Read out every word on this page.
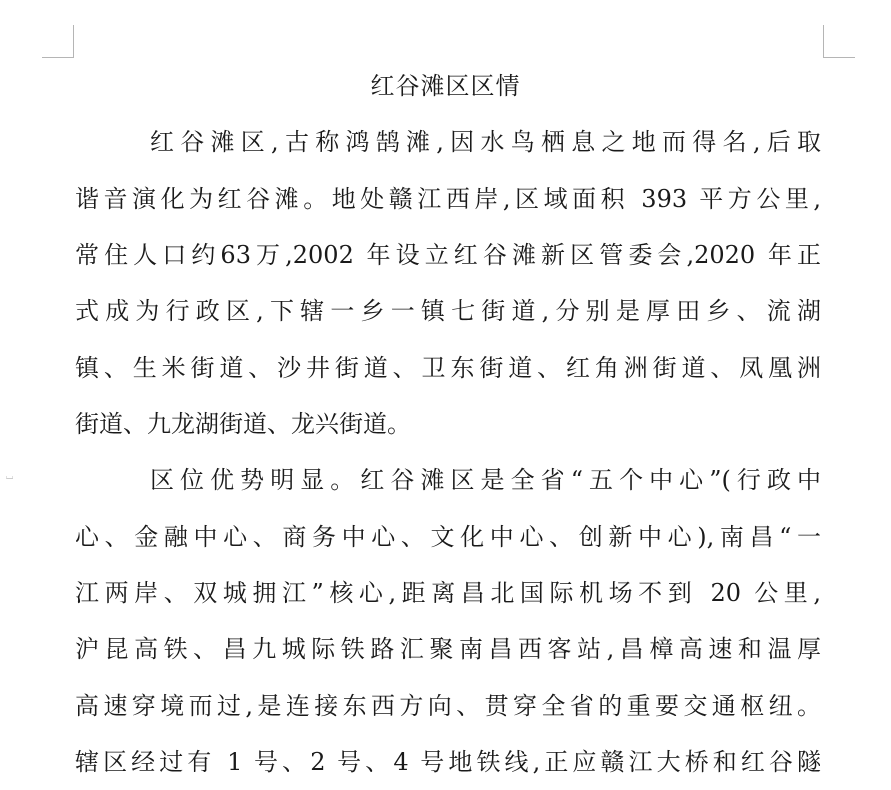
⌴
红谷滩区区情
红谷滩区,古称鸿鹄滩,因水鸟栖息之地而得名,后取
谐音演化为红谷滩。地处赣江西岸,区域面积 393 平方公里,
常住人口约63万,2002 年设立红谷滩新区管委会,2020 年正
式成为行政区,下辖一乡一镇七街道,分别是厚田乡、流湖
镇、生米街道、沙井街道、卫东街道、红角洲街道、凤凰洲
街道、九龙湖街道、龙兴街道。
区位优势明显。红谷滩区是全省“五个中心”(行政中
心、金融中心、商务中心、文化中心、创新中心),南昌“一
江两岸、双城拥江”核心,距离昌北国际机场不到 20 公里,
沪昆高铁、昌九城际铁路汇聚南昌西客站,昌樟高速和温厚
高速穿境而过,是连接东西方向、贯穿全省的重要交通枢纽。
辖区经过有 1 号、2 号、4 号地铁线,正应赣江大桥和红谷隧
